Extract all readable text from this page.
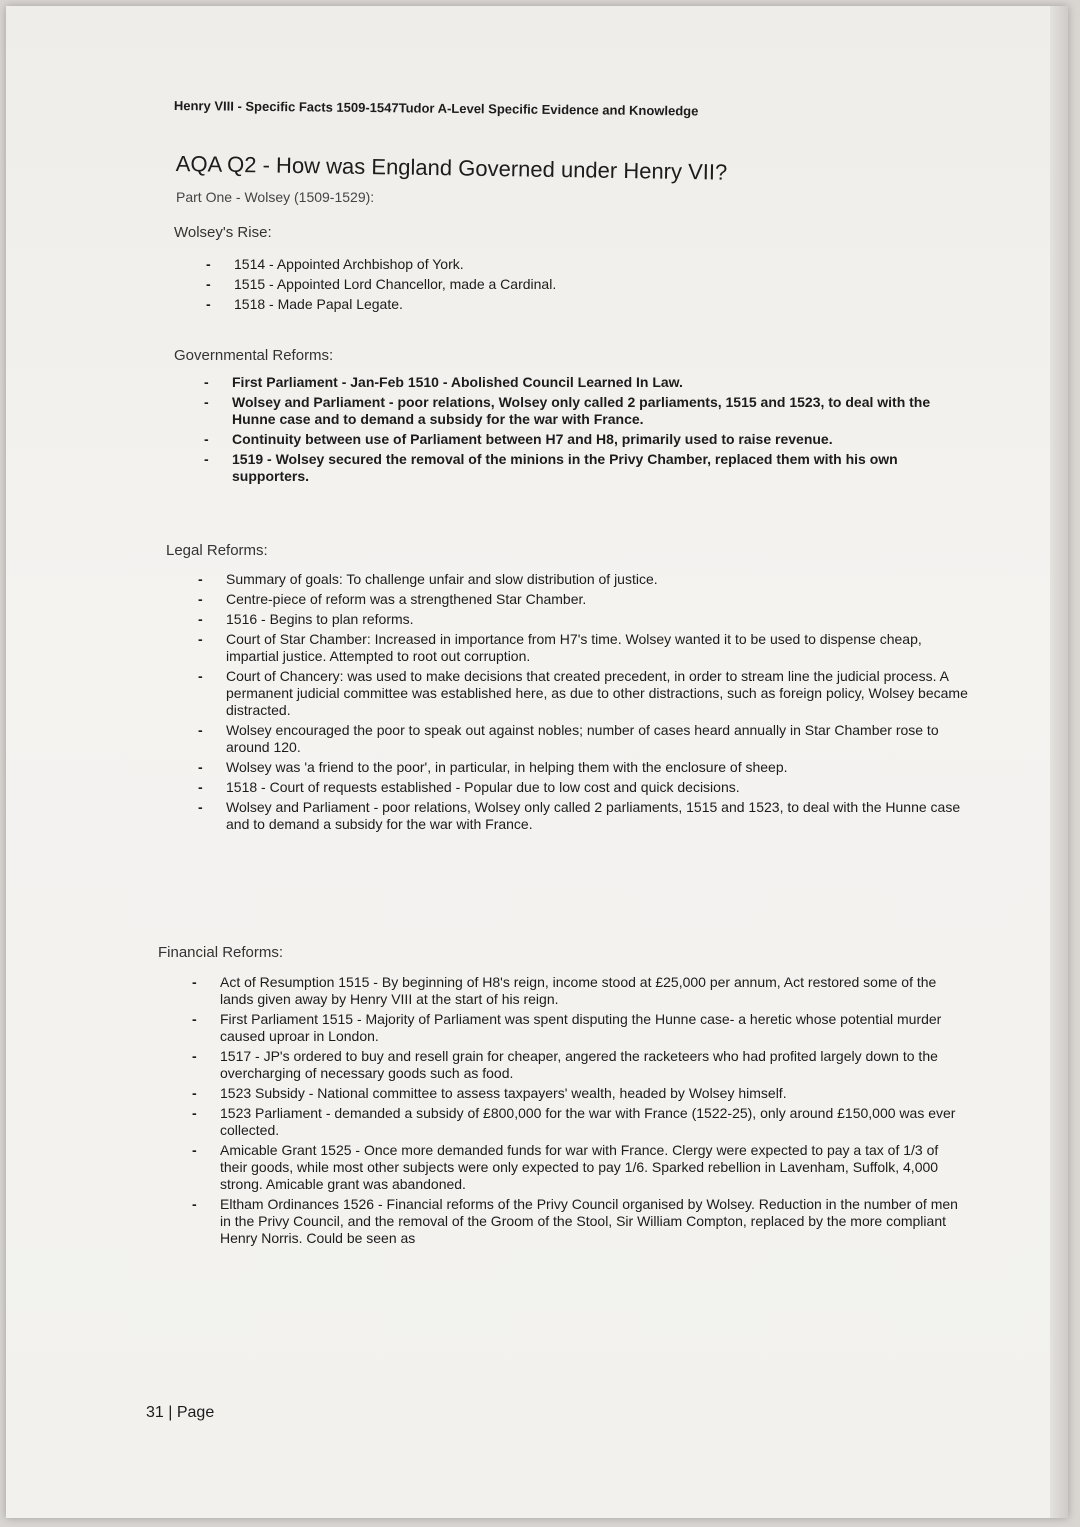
Henry VIII - Specific Facts 1509-1547Tudor A-Level Specific Evidence and Knowledge
AQA Q2 - How was England Governed under Henry VII?
Part One - Wolsey (1509-1529):
Wolsey's Rise:
- 1514 - Appointed Archbishop of York.
- 1515 - Appointed Lord Chancellor, made a Cardinal.
- 1518 - Made Papal Legate.
Governmental Reforms:
- First Parliament - Jan-Feb 1510 - Abolished Council Learned In Law.
- Wolsey and Parliament - poor relations, Wolsey only called 2 parliaments, 1515 and 1523, to deal with the Hunne case and to demand a subsidy for the war with France.
- Continuity between use of Parliament between H7 and H8, primarily used to raise revenue.
- 1519 - Wolsey secured the removal of the minions in the Privy Chamber, replaced them with his own supporters.
Legal Reforms:
- Summary of goals: To challenge unfair and slow distribution of justice.
- Centre-piece of reform was a strengthened Star Chamber.
- 1516 - Begins to plan reforms.
- Court of Star Chamber: Increased in importance from H7's time. Wolsey wanted it to be used to dispense cheap, impartial justice. Attempted to root out corruption.
- Court of Chancery: was used to make decisions that created precedent, in order to stream line the judicial process. A permanent judicial committee was established here, as due to other distractions, such as foreign policy, Wolsey became distracted.
- Wolsey encouraged the poor to speak out against nobles; number of cases heard annually in Star Chamber rose to around 120.
- Wolsey was 'a friend to the poor', in particular, in helping them with the enclosure of sheep.
- 1518 - Court of requests established - Popular due to low cost and quick decisions.
- Wolsey and Parliament - poor relations, Wolsey only called 2 parliaments, 1515 and 1523, to deal with the Hunne case and to demand a subsidy for the war with France.
Financial Reforms:
- Act of Resumption 1515 - By beginning of H8's reign, income stood at £25,000 per annum, Act restored some of the lands given away by Henry VIII at the start of his reign.
- First Parliament 1515 - Majority of Parliament was spent disputing the Hunne case- a heretic whose potential murder caused uproar in London.
- 1517 - JP's ordered to buy and resell grain for cheaper, angered the racketeers who had profited largely down to the overcharging of necessary goods such as food.
- 1523 Subsidy - National committee to assess taxpayers' wealth, headed by Wolsey himself.
- 1523 Parliament - demanded a subsidy of £800,000 for the war with France (1522-25), only around £150,000 was ever collected.
- Amicable Grant 1525 - Once more demanded funds for war with France. Clergy were expected to pay a tax of 1/3 of their goods, while most other subjects were only expected to pay 1/6. Sparked rebellion in Lavenham, Suffolk, 4,000 strong. Amicable grant was abandoned.
- Eltham Ordinances 1526 - Financial reforms of the Privy Council organised by Wolsey. Reduction in the number of men in the Privy Council, and the removal of the Groom of the Stool, Sir William Compton, replaced by the more compliant Henry Norris. Could be seen as
31 | Page
